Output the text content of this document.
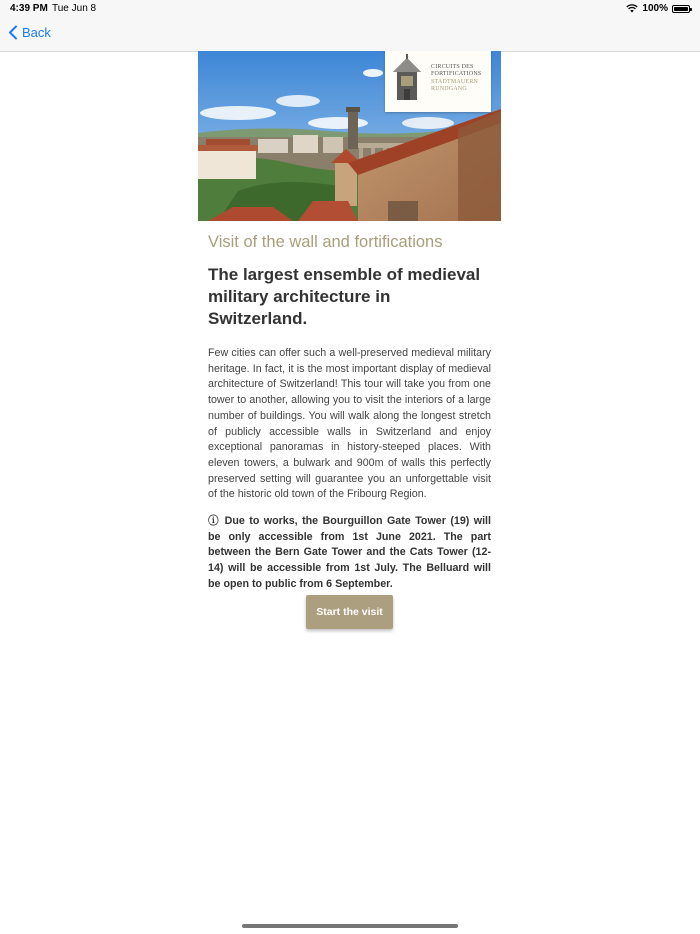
4:39 PM Tue Jun 8	100%
Back
CIRCUITS DES
FORTIFICATIONS
STADTMAUERN
RUNDGANG
Visit of the wall and fortifications
The largest ensemble of medieval military architecture in Switzerland.

Few cities can offer such a well-preserved medieval military heritage. In fact, it is the most important display of medieval architecture of Switzerland! This tour will take you from one tower to another, allowing you to visit the interiors of a large number of buildings. You will walk along the longest stretch of publicly accessible walls in Switzerland and enjoy exceptional panoramas in history-steeped places. With eleven towers, a bulwark and 900m of walls this perfectly preserved setting will guarantee you an unforgettable visit of the historic old town of the Fribourg Region.

ⓘ Due to works, the Bourguillon Gate Tower (19) will be only accessible from 1st June 2021. The part between the Bern Gate Tower and the Cats Tower (12-14) will be accessible from 1st July. The Belluard will be open to public from 6 September.

Start the visit
